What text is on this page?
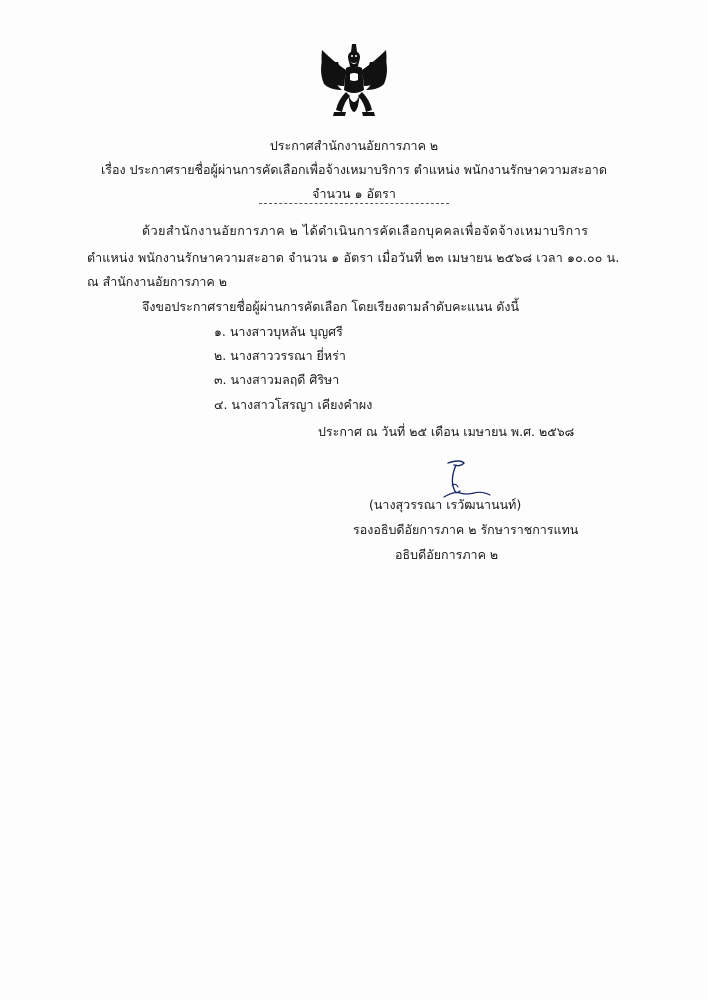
ประกาศสำนักงานอัยการภาค ๒
เรื่อง ประกาศรายชื่อผู้ผ่านการคัดเลือกเพื่อจ้างเหมาบริการ ตำแหน่ง พนักงานรักษาความสะอาด
จำนวน ๑ อัตรา
ด้วยสำนักงานอัยการภาค ๒ ได้ดำเนินการคัดเลือกบุคคลเพื่อจัดจ้างเหมาบริการ
ตำแหน่ง พนักงานรักษาความสะอาด จำนวน ๑ อัตรา เมื่อวันที่ ๒๓ เมษายน ๒๕๖๘ เวลา ๑๐.๐๐ น.
ณ สำนักงานอัยการภาค ๒
จึงขอประกาศรายชื่อผู้ผ่านการคัดเลือก โดยเรียงตามลำดับคะแนน ดังนี้
๑. นางสาวบุหลัน บุญศรี
๒. นางสาววรรณา ยี่หร่า
๓. นางสาวมลฤดี ศิริษา
๔. นางสาวโสรญา เคียงคำผง
ประกาศ ณ วันที่ ๒๕ เดือน เมษายน พ.ศ. ๒๕๖๘
(นางสุวรรณา เรวัฒนานนท์)
รองอธิบดีอัยการภาค ๒ รักษาราชการแทน
อธิบดีอัยการภาค ๒
